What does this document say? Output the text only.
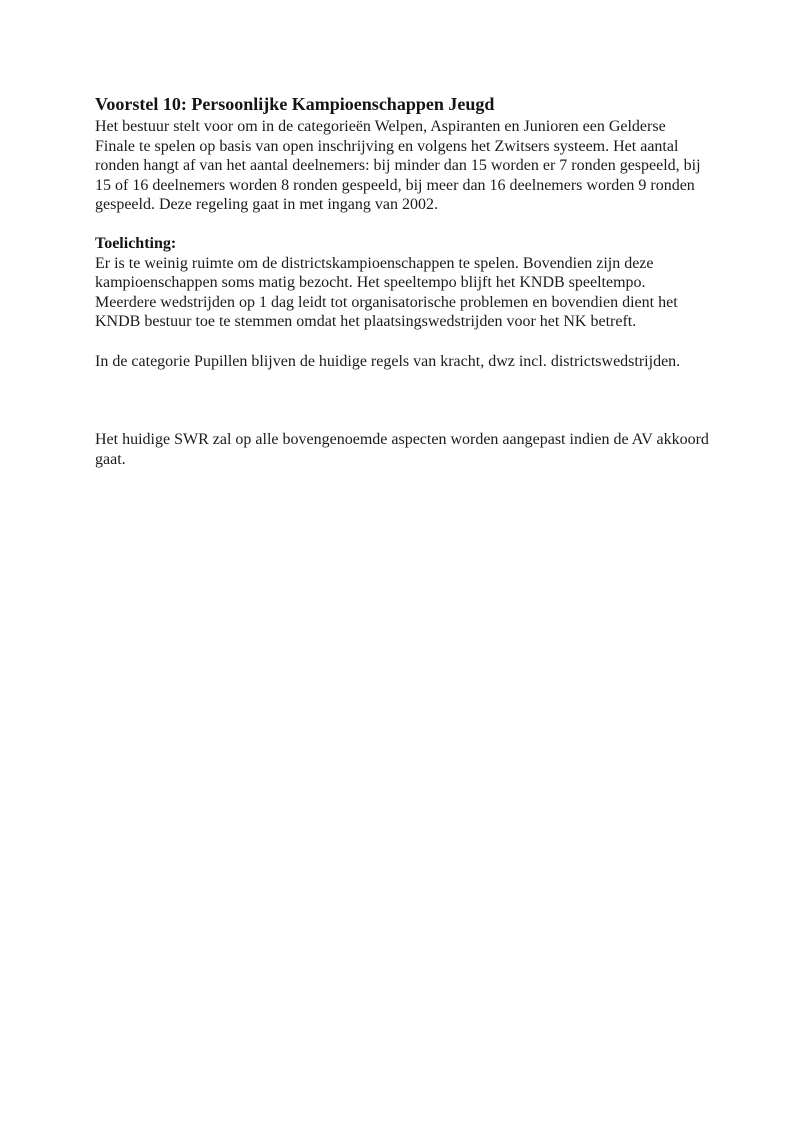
Voorstel 10: Persoonlijke Kampioenschappen Jeugd

Het bestuur stelt voor om in de categorieën Welpen, Aspiranten en Junioren een Gelderse Finale te spelen op basis van open inschrijving en volgens het Zwitsers systeem. Het aantal ronden hangt af van het aantal deelnemers: bij minder dan 15 worden er 7 ronden gespeeld, bij 15 of 16 deelnemers worden 8 ronden gespeeld, bij meer dan 16 deelnemers worden 9 ronden gespeeld. Deze regeling gaat in met ingang van 2002.

Toelichting:

Er is te weinig ruimte om de districtskampioenschappen te spelen. Bovendien zijn deze kampioenschappen soms matig bezocht. Het speeltempo blijft het KNDB speeltempo. Meerdere wedstrijden op 1 dag leidt tot organisatorische problemen en bovendien dient het KNDB bestuur toe te stemmen omdat het plaatsingswedstrijden voor het NK betreft.

In de categorie Pupillen blijven de huidige regels van kracht, dwz incl. districtswedstrijden.

Het huidige SWR zal op alle bovengenoemde aspecten worden aangepast indien de AV akkoord gaat.
